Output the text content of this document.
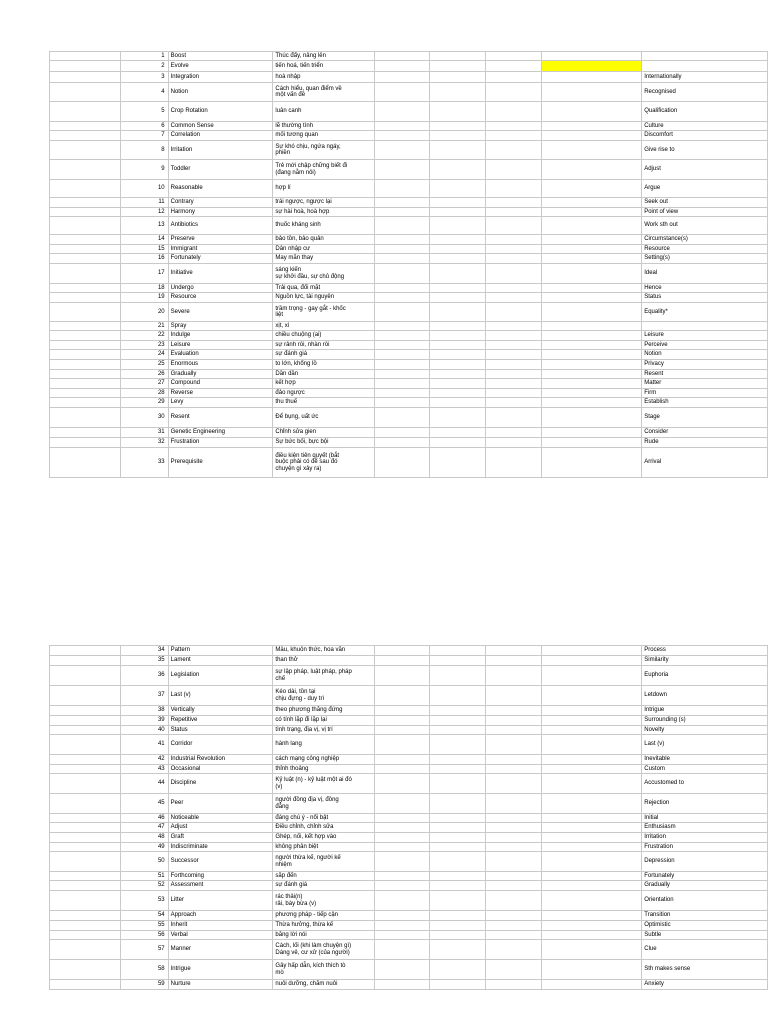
	1	Boost	Thúc đẩy, nâng lên					
	2	Evolve	tiến hoá, tiến triển					
	3	Integration	hoà nhập					Internationally
	4	Notion	Cách hiểu, quan điểm về
một vấn đề					Recognised
	5	Crop Rotation	luân canh					Qualification
	6	Common Sense	lẽ thường tình					Culture
	7	Correlation	mối tương quan					Discomfort
	8	Irritation	Sự khó chịu, ngứa ngáy,
phiền					Give rise to
	9	Toddler	Trẻ mới chập chững biết đi
(đang nằm nôi)					Adjust
	10	Reasonable	hợp lí					Argue
	11	Contrary	trái ngược, ngược lại					Seek out
	12	Harmony	sự hài hoà, hoà hợp					Point of view
	13	Antibiotics	thuốc kháng sinh					Work sth out
	14	Preserve	bảo tồn, bảo quản					Circumstance(s)
	15	Immigrant	Dân nhập cư					Resource
	16	Fortunately	May mắn thay					Setting(s)
	17	Initiative	sáng kiến
sự khởi đầu, sự chủ động					Ideal
	18	Undergo	Trải qua, đối mặt					Hence
	19	Resource	Nguồn lực, tài nguyên					Status
	20	Severe	trầm trọng - gay gắt - khốc
liệt					Equality*
	21	Spray	xịt, xì					
	22	Indulge	chiều chuộng (ai)					Leisure
	23	Leisure	sự rảnh rỗi, nhàn rỗi					Perceive
	24	Evaluation	sự đánh giá					Notion
	25	Enormous	to lớn, khổng lồ					Privacy
	26	Gradually	Dần dần					Resent
	27	Compound	kết hợp					Matter
	28	Reverse	đảo ngược					Firm
	29	Levy	thu thuế					Establish
	30	Resent	Để bụng, uất ức					Stage
	31	Genetic Engineering	Chỉnh sửa gien					Consider
	32	Frustration	Sự bức bối, bực bội					Rude
	33	Prerequisite	điều kiện tiên quyết (bắt
buộc phải có để sau đó
chuyện gì xảy ra)					Arrival
	34	Pattern	Mẫu, khuôn thức, hoa văn					Process
	35	Lament	than thở					Similarity
	36	Legislation	sự lập pháp, luật pháp, pháp
chế					Euphoria
	37	Last (v)	Kéo dài, tồn tại
chịu đựng - duy trì					Letdown
	38	Vertically	theo phương thẳng đứng					Intrigue
	39	Repetitive	có tính lặp đi lặp lại					Surrounding (s)
	40	Status	tình trạng, địa vị, vị trí					Novelty
	41	Corridor	hành lang					Last (v)
	42	Industrial Revolution	cách mạng công nghiệp					Inevitable
	43	Occasional	thỉnh thoảng					Custom
	44	Discipline	Kỷ luật (n) - kỷ luật một ai đó
(v)					Accustomed to
	45	Peer	người đồng địa vị, đồng
đẳng					Rejection
	46	Noticeable	đáng chú ý - nổi bật					Initial
	47	Adjust	Điều chỉnh, chỉnh sửa					Enthusiasm
	48	Graft	Ghép, nối, kết hợp vào					Irritation
	49	Indiscriminate	không phân biệt					Frustration
	50	Successor	người thừa kế, người kế
nhiệm					Depression
	51	Forthcoming	sắp đến					Fortunately
	52	Assessment	sự đánh giá					Gradually
	53	Litter	rác thải(n)
rải, bày bừa (v)					Orientation
	54	Approach	phương pháp - tiếp cận					Transition
	55	Inherit	Thừa hưởng, thừa kế					Optimistic
	56	Verbal	bằng lời nói					Subtle
	57	Manner	Cách, lối (khi làm chuyện gì)
Dáng vẻ, cư xử (của người)					Clue
	58	Intrigue	Gây hấp dẫn, kích thích tò
mò					Sth makes sense
	59	Nurture	nuôi dưỡng, chăm nuôi					Anxiety
